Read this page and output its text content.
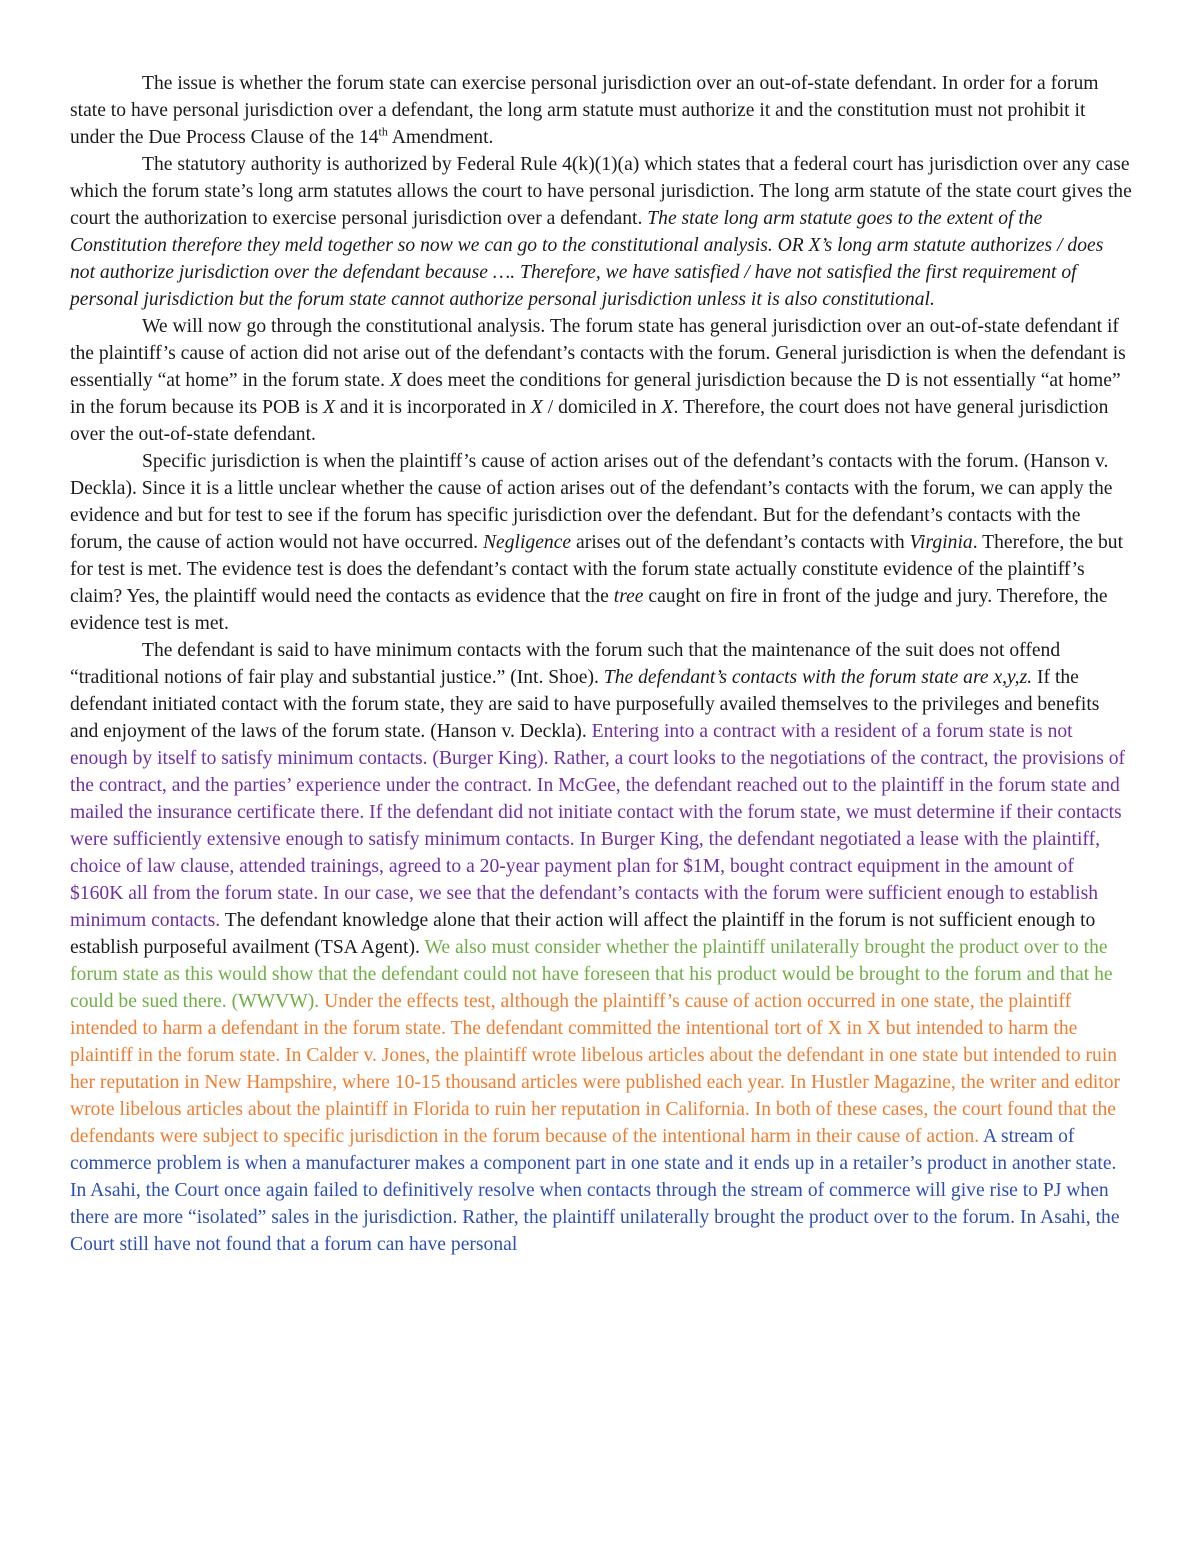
The issue is whether the forum state can exercise personal jurisdiction over an out-of-state defendant. In order for a forum state to have personal jurisdiction over a defendant, the long arm statute must authorize it and the constitution must not prohibit it under the Due Process Clause of the 14th Amendment.

The statutory authority is authorized by Federal Rule 4(k)(1)(a) which states that a federal court has jurisdiction over any case which the forum state’s long arm statutes allows the court to have personal jurisdiction. The long arm statute of the state court gives the court the authorization to exercise personal jurisdiction over a defendant. The state long arm statute goes to the extent of the Constitution therefore they meld together so now we can go to the constitutional analysis. OR X’s long arm statute authorizes / does not authorize jurisdiction over the defendant because …. Therefore, we have satisfied / have not satisfied the first requirement of personal jurisdiction but the forum state cannot authorize personal jurisdiction unless it is also constitutional.

We will now go through the constitutional analysis. The forum state has general jurisdiction over an out-of-state defendant if the plaintiff’s cause of action did not arise out of the defendant’s contacts with the forum. General jurisdiction is when the defendant is essentially “at home” in the forum state. X does meet the conditions for general jurisdiction because the D is not essentially “at home” in the forum because its POB is X and it is incorporated in X / domiciled in X. Therefore, the court does not have general jurisdiction over the out-of-state defendant.

Specific jurisdiction is when the plaintiff’s cause of action arises out of the defendant’s contacts with the forum. (Hanson v. Deckla). Since it is a little unclear whether the cause of action arises out of the defendant’s contacts with the forum, we can apply the evidence and but for test to see if the forum has specific jurisdiction over the defendant. But for the defendant’s contacts with the forum, the cause of action would not have occurred. Negligence arises out of the defendant’s contacts with Virginia. Therefore, the but for test is met. The evidence test is does the defendant’s contact with the forum state actually constitute evidence of the plaintiff’s claim? Yes, the plaintiff would need the contacts as evidence that the tree caught on fire in front of the judge and jury. Therefore, the evidence test is met.

The defendant is said to have minimum contacts with the forum such that the maintenance of the suit does not offend “traditional notions of fair play and substantial justice.” (Int. Shoe). The defendant’s contacts with the forum state are x,y,z. If the defendant initiated contact with the forum state, they are said to have purposefully availed themselves to the privileges and benefits and enjoyment of the laws of the forum state. (Hanson v. Deckla). Entering into a contract with a resident of a forum state is not enough by itself to satisfy minimum contacts. (Burger King). Rather, a court looks to the negotiations of the contract, the provisions of the contract, and the parties’ experience under the contract. In McGee, the defendant reached out to the plaintiff in the forum state and mailed the insurance certificate there. If the defendant did not initiate contact with the forum state, we must determine if their contacts were sufficiently extensive enough to satisfy minimum contacts. In Burger King, the defendant negotiated a lease with the plaintiff, choice of law clause, attended trainings, agreed to a 20-year payment plan for $1M, bought contract equipment in the amount of $160K all from the forum state. In our case, we see that the defendant’s contacts with the forum were sufficient enough to establish minimum contacts. The defendant knowledge alone that their action will affect the plaintiff in the forum is not sufficient enough to establish purposeful availment (TSA Agent). We also must consider whether the plaintiff unilaterally brought the product over to the forum state as this would show that the defendant could not have foreseen that his product would be brought to the forum and that he could be sued there. (WWVW). Under the effects test, although the plaintiff’s cause of action occurred in one state, the plaintiff intended to harm a defendant in the forum state. The defendant committed the intentional tort of X in X but intended to harm the plaintiff in the forum state. In Calder v. Jones, the plaintiff wrote libelous articles about the defendant in one state but intended to ruin her reputation in New Hampshire, where 10-15 thousand articles were published each year. In Hustler Magazine, the writer and editor wrote libelous articles about the plaintiff in Florida to ruin her reputation in California. In both of these cases, the court found that the defendants were subject to specific jurisdiction in the forum because of the intentional harm in their cause of action. A stream of commerce problem is when a manufacturer makes a component part in one state and it ends up in a retailer’s product in another state. In Asahi, the Court once again failed to definitively resolve when contacts through the stream of commerce will give rise to PJ when there are more “isolated” sales in the jurisdiction. Rather, the plaintiff unilaterally brought the product over to the forum. In Asahi, the Court still have not found that a forum can have personal
